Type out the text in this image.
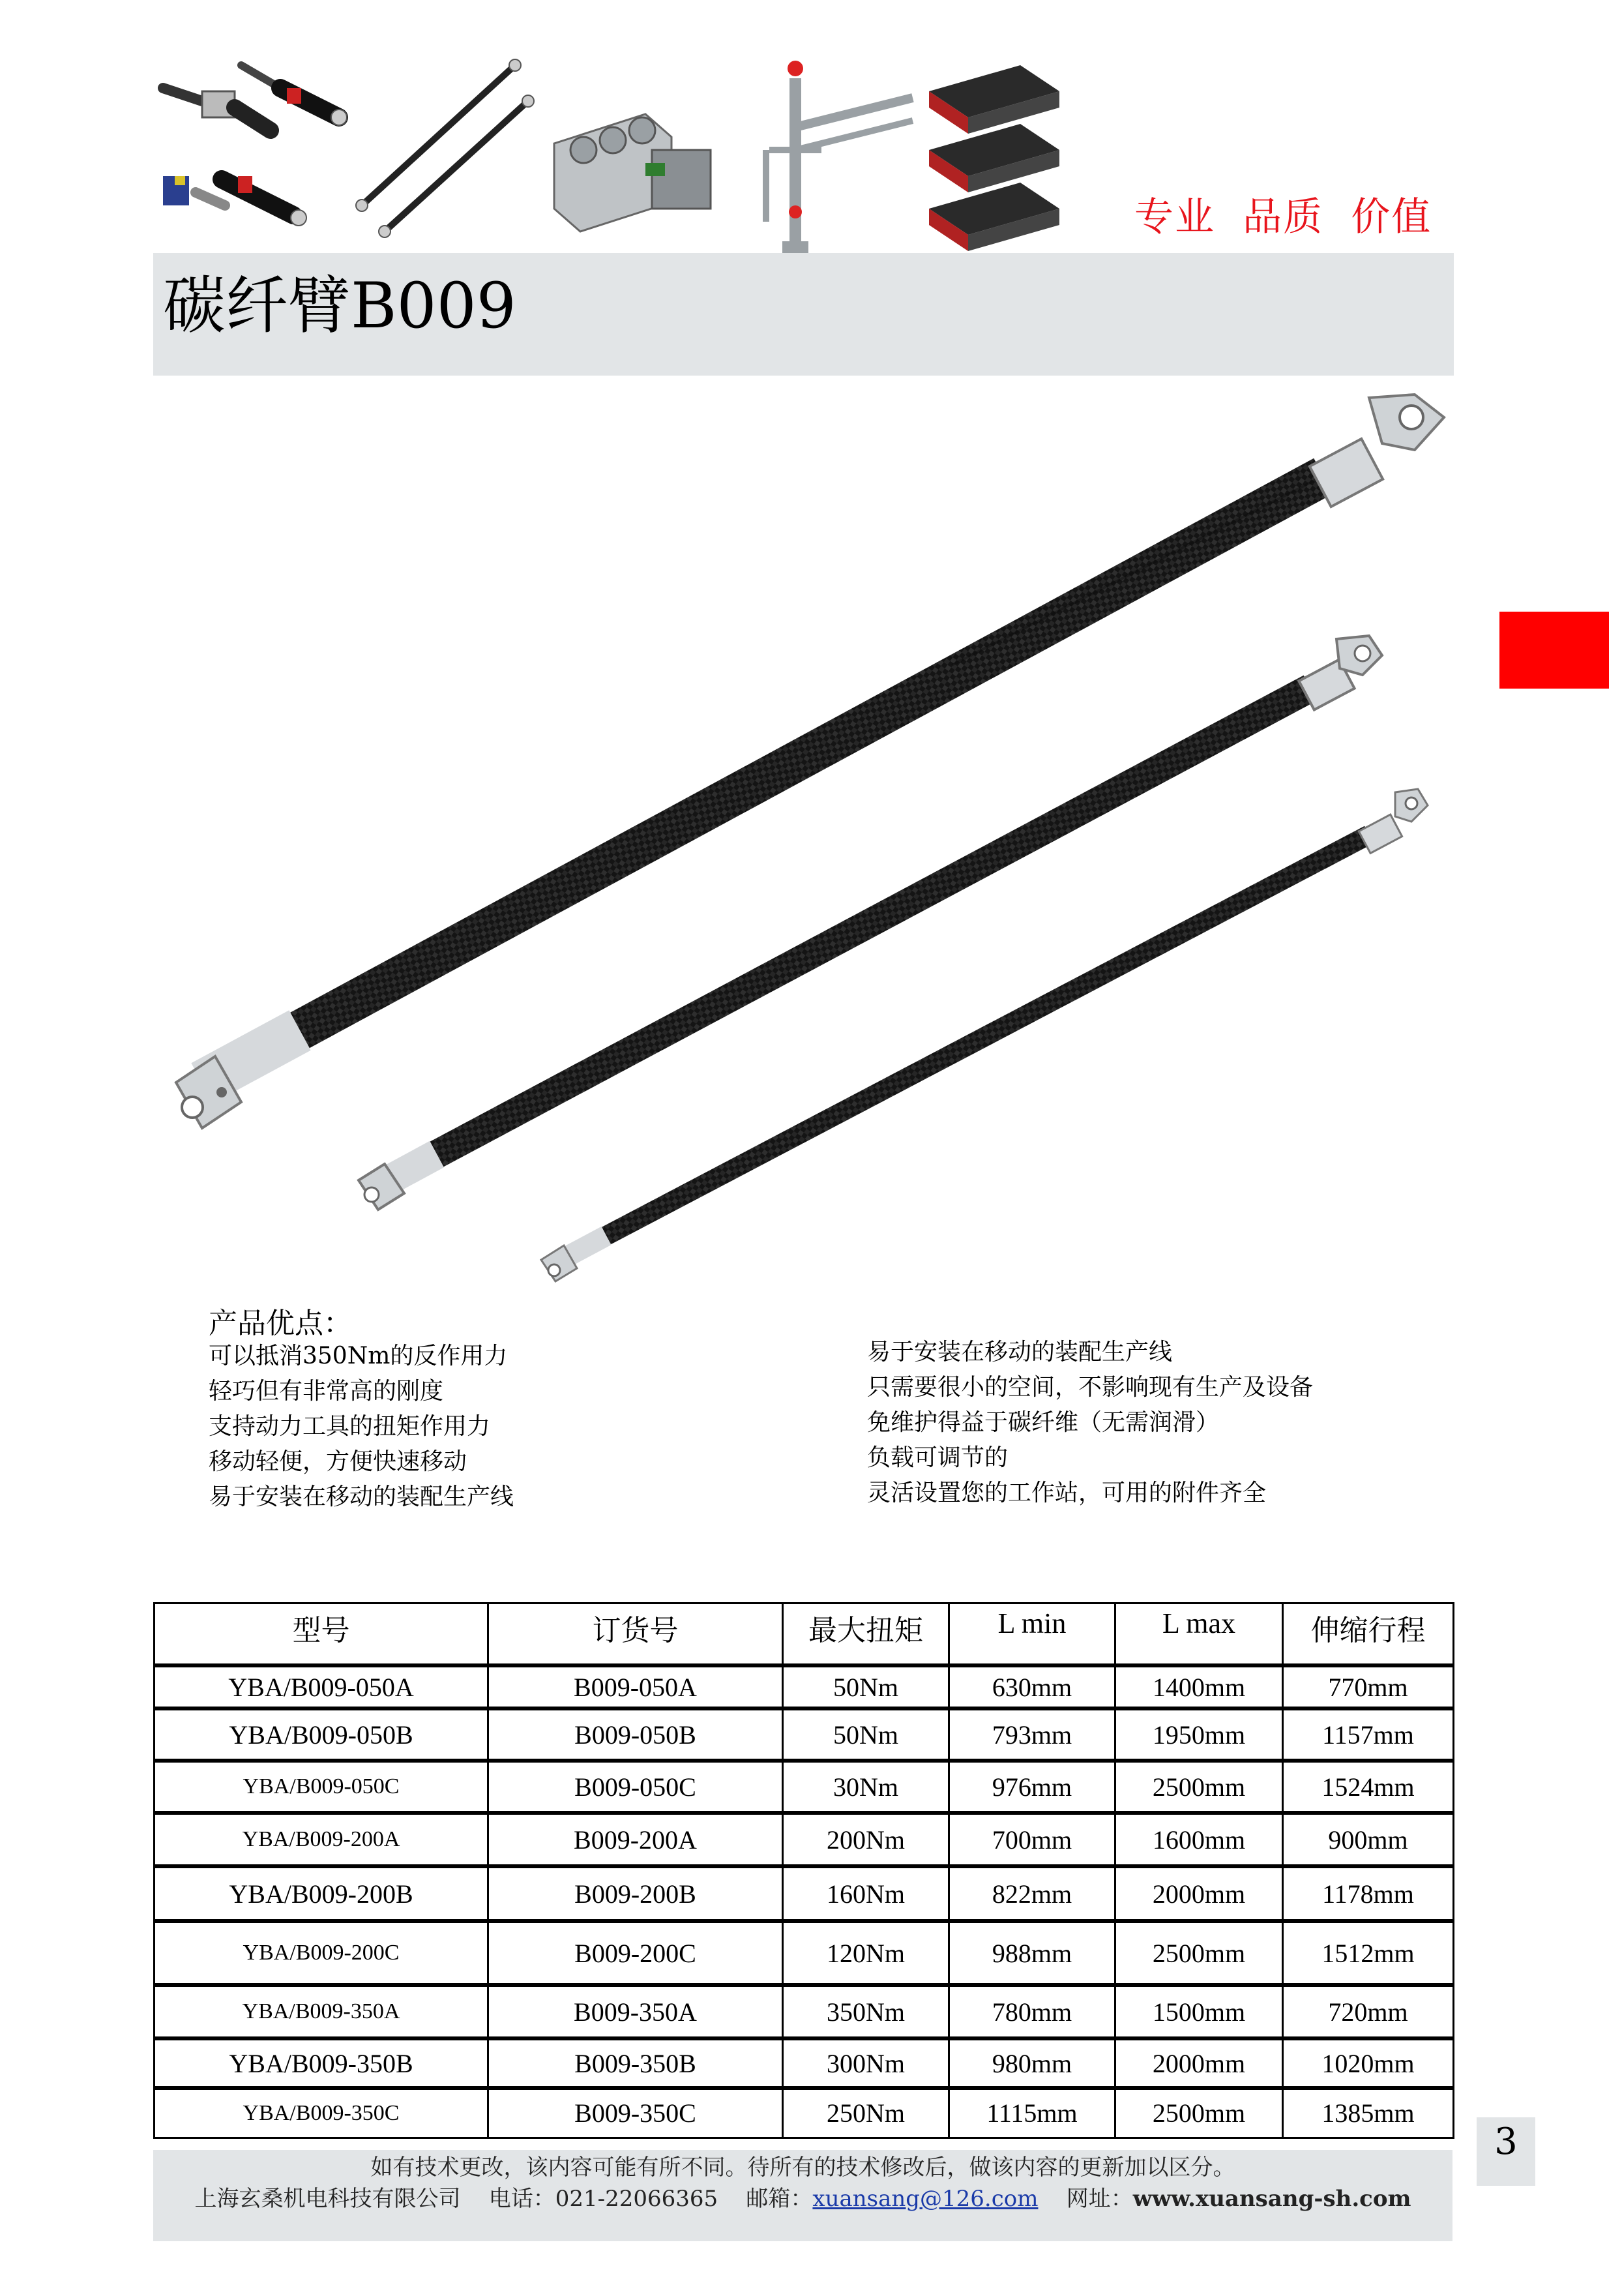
专业  品质  价值
碳纤臂B009
产品优点：
可以抵消350Nm的反作用力
轻巧但有非常高的刚度
支持动力工具的扭矩作用力
移动轻便，方便快速移动
易于安装在移动的装配生产线
易于安装在移动的装配生产线
只需要很小的空间，不影响现有生产及设备
免维护得益于碳纤维（无需润滑）
负载可调节的
灵活设置您的工作站，可用的附件齐全
型号	订货号	最大扭矩	L min	L max	伸缩行程
YBA/B009-050A	B009-050A	50Nm	630mm	1400mm	770mm
YBA/B009-050B	B009-050B	50Nm	793mm	1950mm	1157mm
YBA/B009-050C	B009-050C	30Nm	976mm	2500mm	1524mm
YBA/B009-200A	B009-200A	200Nm	700mm	1600mm	900mm
YBA/B009-200B	B009-200B	160Nm	822mm	2000mm	1178mm
YBA/B009-200C	B009-200C	120Nm	988mm	2500mm	1512mm
YBA/B009-350A	B009-350A	350Nm	780mm	1500mm	720mm
YBA/B009-350B	B009-350B	300Nm	980mm	2000mm	1020mm
YBA/B009-350C	B009-350C	250Nm	1115mm	2500mm	1385mm
如有技术更改，该内容可能有所不同。待所有的技术修改后，做该内容的更新加以区分。
上海玄桑机电科技有限公司 电话：021-22066365 邮箱：xuansang@126.com 网址：www.xuansang-sh.com
3
